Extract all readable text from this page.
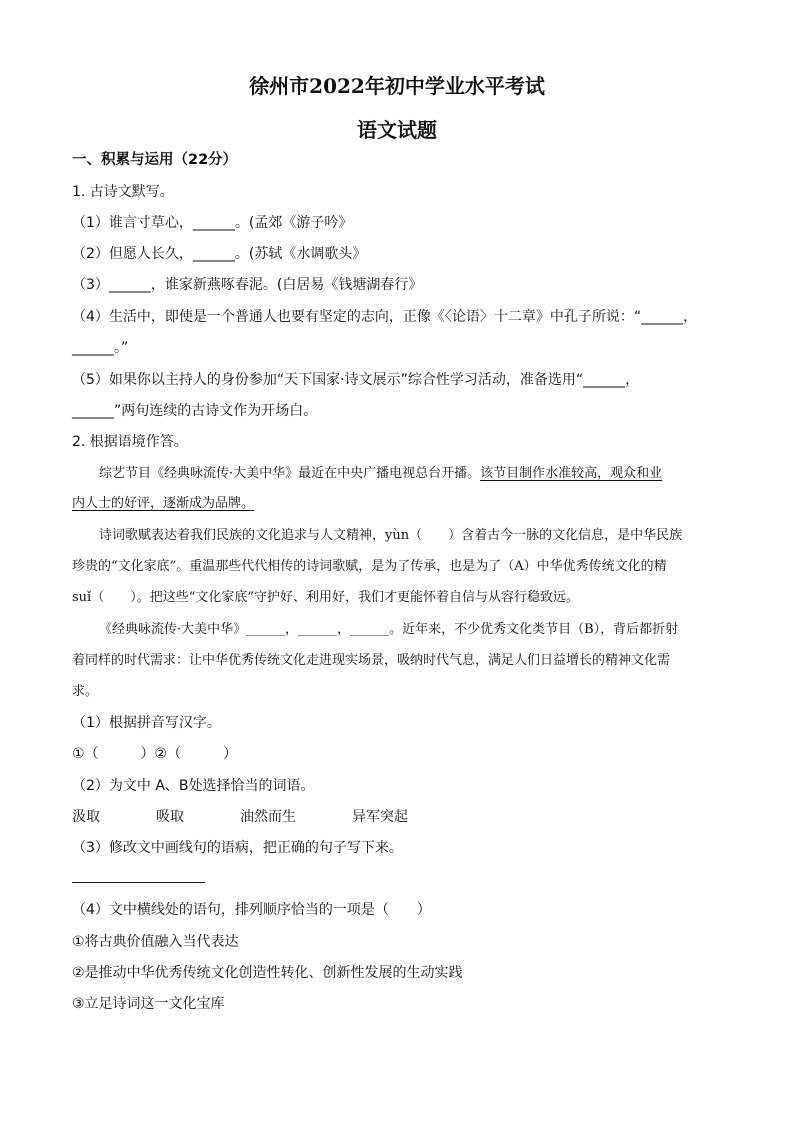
徐州市2022年初中学业水平考试
语文试题
一、积累与运用（22分）
1. 古诗文默写。
（1）谁言寸草心，______。(孟郊《游子吟》
（2）但愿人长久，______。(苏轼《水调歌头》
（3）______，谁家新燕啄春泥。(白居易《钱塘湖春行》
（4）生活中，即使是一个普通人也要有坚定的志向，正像《〈论语〉十二章》中孔子所说：“______，
______。”
（5）如果你以主持人的身份参加“天下国家·诗文展示”综合性学习活动，准备选用“______，
______”两句连续的古诗文作为开场白。
2. 根据语境作答。
综艺节目《经典咏流传·大美中华》最近在中央广播电视总台开播。该节目制作水准较高，观众和业
内人士的好评，逐渐成为品牌。
诗词歌赋表达着我们民族的文化追求与人文精神，yùn（　　）含着古今一脉的文化信息，是中华民族
珍贵的“文化家底”。重温那些代代相传的诗词歌赋，是为了传承，也是为了（A）中华优秀传统文化的精
suǐ（　　）。把这些“文化家底”守护好、利用好，我们才更能怀着自信与从容行稳致远。
《经典咏流传·大美中华》______，______，______。近年来，不少优秀文化类节目（B），背后都折射
着同样的时代需求：让中华优秀传统文化走进现实场景，吸纳时代气息，满足人们日益增长的精神文化需
求。
（1）根据拼音写汉字。
①（　　　）②（　　　）
（2）为文中 A、B处选择恰当的词语。
汲取	吸取	油然而生	异军突起
（3）修改文中画线句的语病，把正确的句子写下来。
（4）文中横线处的语句，排列顺序恰当的一项是（　　）
①将古典价值融入当代表达
②是推动中华优秀传统文化创造性转化、创新性发展的生动实践
③立足诗词这一文化宝库
